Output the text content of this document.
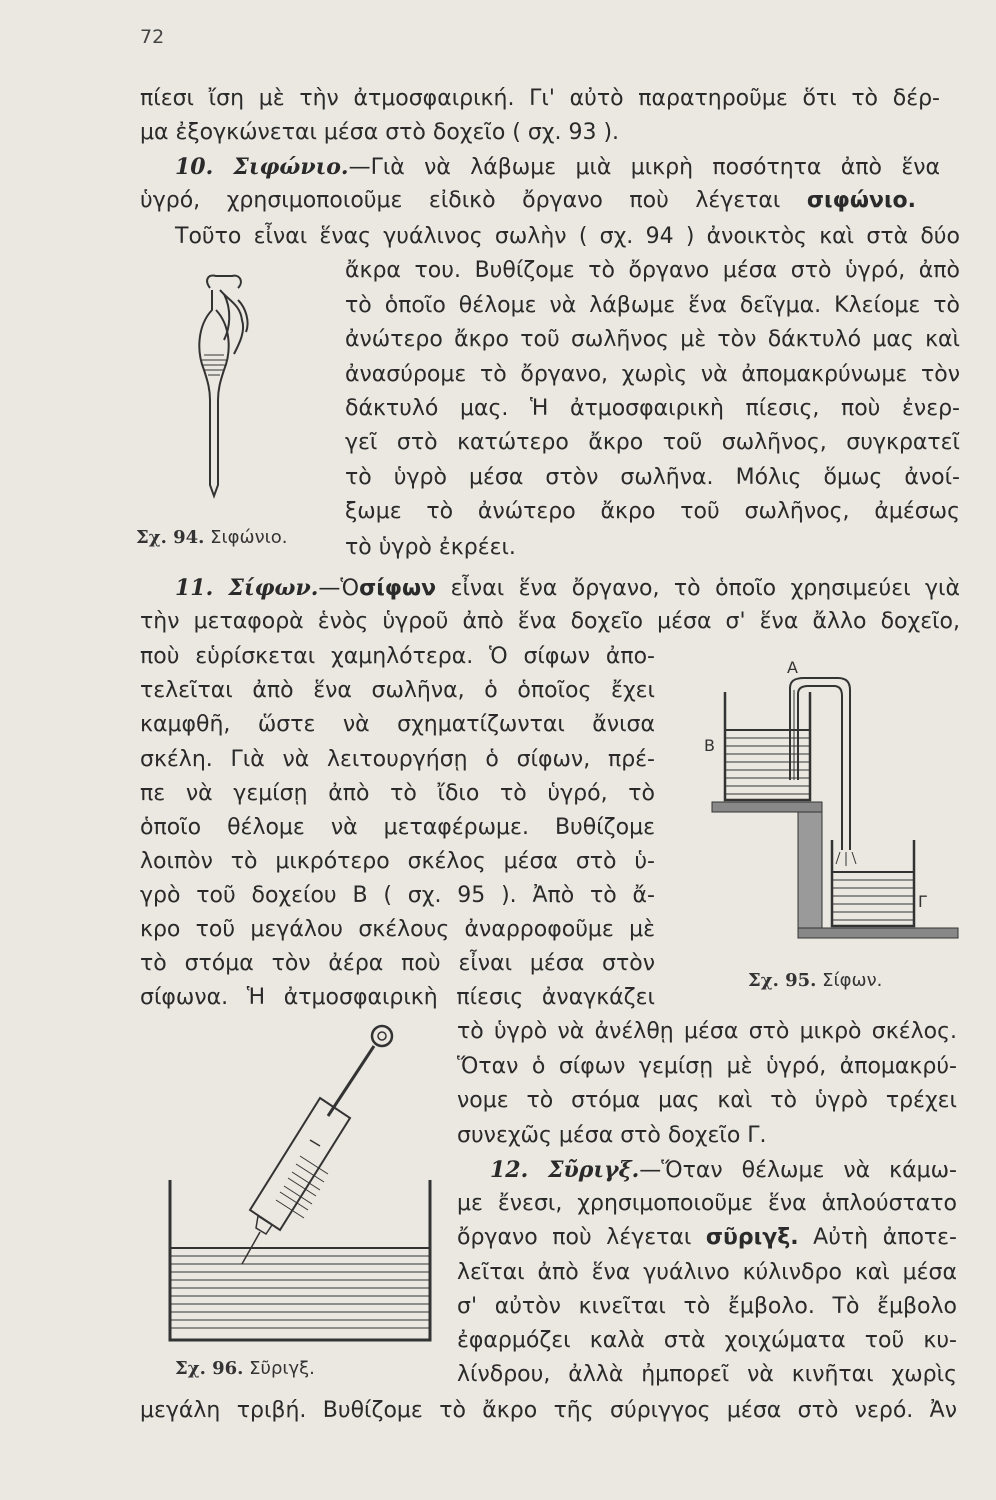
72
πίεσι ἴση μὲ τὴν ἀτμοσφαιρική. Γι' αὐτὸ παρατηροῦμε ὅτι τὸ δέρ-
μα ἐξογκώνεται μέσα στὸ δοχεῖο ( σχ. 93 ).
10. Σιφώνιο.—Γιὰ νὰ λάβωμε μιὰ μικρὴ ποσότητα ἀπὸ ἕνα
ὑγρό, χρησιμοποιοῦμε εἰδικὸ ὄργανο ποὺ λέγεται σιφώνιο.
Τοῦτο εἶναι ἕνας γυάλινος σωλὴν ( σχ. 94 ) ἀνοικτὸς καὶ στὰ δύο
ἄκρα του. Βυθίζομε τὸ ὄργανο μέσα στὸ ὑγρό, ἀπὸ
τὸ ὁποῖο θέλομε νὰ λάβωμε ἕνα δεῖγμα. Κλείομε τὸ
ἀνώτερο ἄκρο τοῦ σωλῆνος μὲ τὸν δάκτυλό μας καὶ
ἀνασύρομε τὸ ὄργανο, χωρὶς νὰ ἀπομακρύνωμε τὸν
δάκτυλό μας. Ἡ ἀτμοσφαιρικὴ πίεσις, ποὺ ἐνερ-
γεῖ στὸ κατώτερο ἄκρο τοῦ σωλῆνος, συγκρατεῖ
τὸ ὑγρὸ μέσα στὸν σωλῆνα. Μόλις ὅμως ἀνοί-
ξωμε τὸ ἀνώτερο ἄκρο τοῦ σωλῆνος, ἀμέσως
τὸ ὑγρὸ ἐκρέει.
Σχ. 94. Σιφώνιο.
11. Σίφων.—Ὁσίφων εἶναι ἕνα ὄργανο, τὸ ὁποῖο χρησιμεύει γιὰ
τὴν μεταφορὰ ἑνὸς ὑγροῦ ἀπὸ ἕνα δοχεῖο μέσα σ' ἕνα ἄλλο δοχεῖο,
ποὺ εὑρίσκεται χαμηλότερα. Ὁ σίφων ἀπο-
τελεῖται ἀπὸ ἕνα σωλῆνα, ὁ ὁποῖος ἔχει
καμφθῆ, ὥστε νὰ σχηματίζωνται ἄνισα
σκέλη. Γιὰ νὰ λειτουργήσῃ ὁ σίφων, πρέ-
πε νὰ γεμίσῃ ἀπὸ τὸ ἴδιο τὸ ὑγρό, τὸ
ὁποῖο θέλομε νὰ μεταφέρωμε. Βυθίζομε
λοιπὸν τὸ μικρότερο σκέλος μέσα στὸ ὑ-
γρὸ τοῦ δοχείου Β ( σχ. 95 ). Ἀπὸ τὸ ἄ-
κρο τοῦ μεγάλου σκέλους ἀναρροφοῦμε μὲ
τὸ στόμα τὸν ἀέρα ποὺ εἶναι μέσα στὸν
σίφωνα. Ἡ ἀτμοσφαιρικὴ πίεσις ἀναγκάζει
τὸ ὑγρὸ νὰ ἀνέλθῃ μέσα στὸ μικρὸ σκέλος.
Ὅταν ὁ σίφων γεμίσῃ μὲ ὑγρό, ἀπομακρύ-
νομε τὸ στόμα μας καὶ τὸ ὑγρὸ τρέχει
συνεχῶς μέσα στὸ δοχεῖο Γ.
Α
Β
Γ
Σχ. 95. Σίφων.
12. Σῦριγξ.—Ὅταν θέλωμε νὰ κάμω-
με ἔνεσι, χρησιμοποιοῦμε ἕνα ἁπλούστατο
ὄργανο ποὺ λέγεται σῦριγξ. Αὐτὴ ἀποτε-
λεῖται ἀπὸ ἕνα γυάλινο κύλινδρο καὶ μέσα
σ' αὐτὸν κινεῖται τὸ ἔμβολο. Τὸ ἔμβολο
ἐφαρμόζει καλὰ στὰ χοιχώματα τοῦ κυ-
λίνδρου, ἀλλὰ ἠμπορεῖ νὰ κινῆται χωρὶς
μεγάλη τριβή. Βυθίζομε τὸ ἄκρο τῆς σύριγγος μέσα στὸ νερό. Ἀν
Σχ. 96. Σῦριγξ.
